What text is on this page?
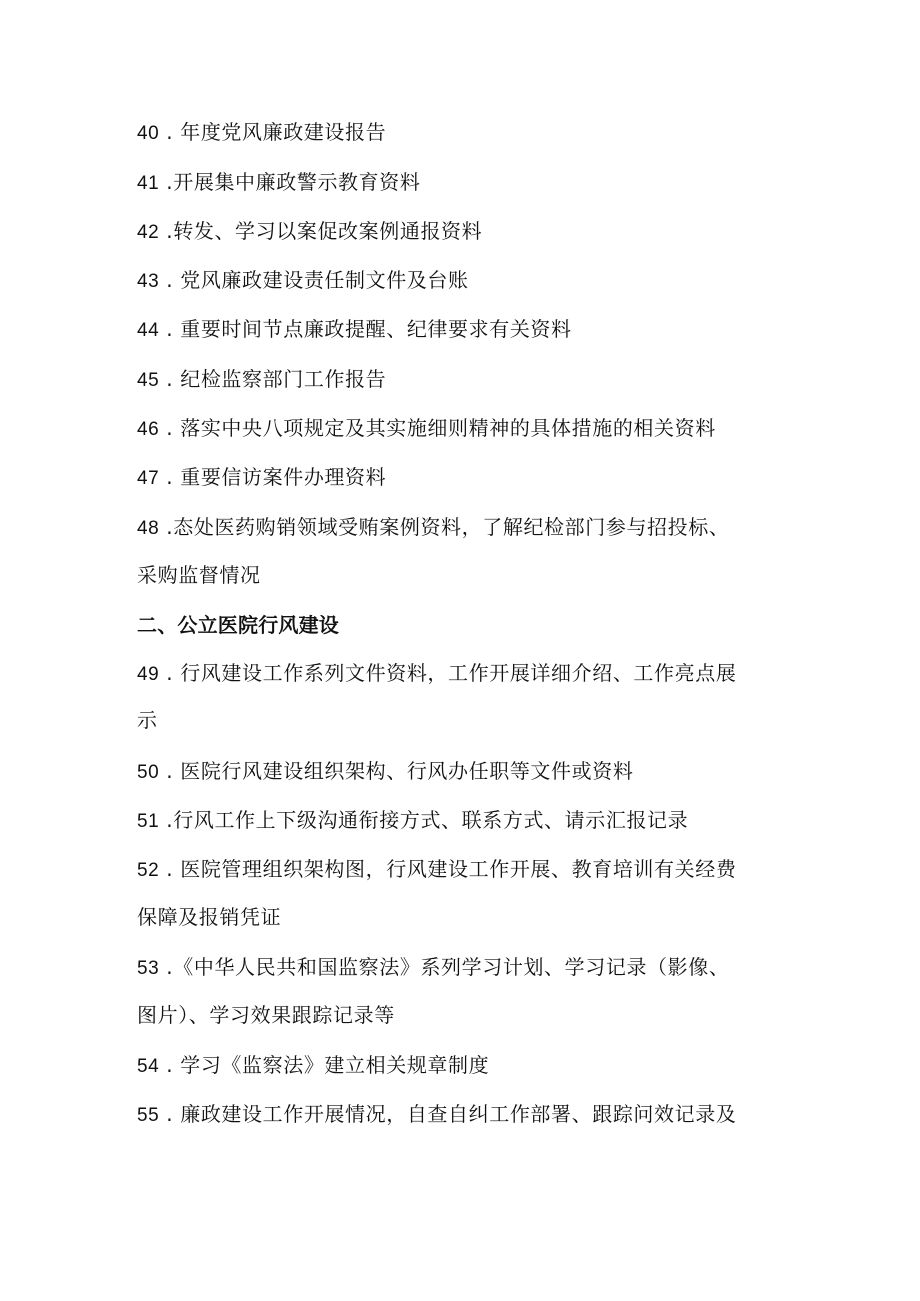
40 . 年度党风廉政建设报告
41 .开展集中廉政警示教育资料
42 .转发、学习以案促改案例通报资料
43 . 党风廉政建设责任制文件及台账
44 . 重要时间节点廉政提醒、纪律要求有关资料
45 . 纪检监察部门工作报告
46 . 落实中央八项规定及其实施细则精神的具体措施的相关资料
47 . 重要信访案件办理资料
48 .态处医药购销领域受贿案例资料，了解纪检部门参与招投标、
采购监督情况
二、公立医院行风建设
49 . 行风建设工作系列文件资料，工作开展详细介绍、工作亮点展
示
50 . 医院行风建设组织架构、行风办任职等文件或资料
51 .行风工作上下级沟通衔接方式、联系方式、请示汇报记录
52 . 医院管理组织架构图，行风建设工作开展、教育培训有关经费
保障及报销凭证
53 .《中华人民共和国监察法》系列学习计划、学习记录（影像、
图片）、学习效果跟踪记录等
54 . 学习《监察法》建立相关规章制度
55 . 廉政建设工作开展情况，自查自纠工作部署、跟踪问效记录及
